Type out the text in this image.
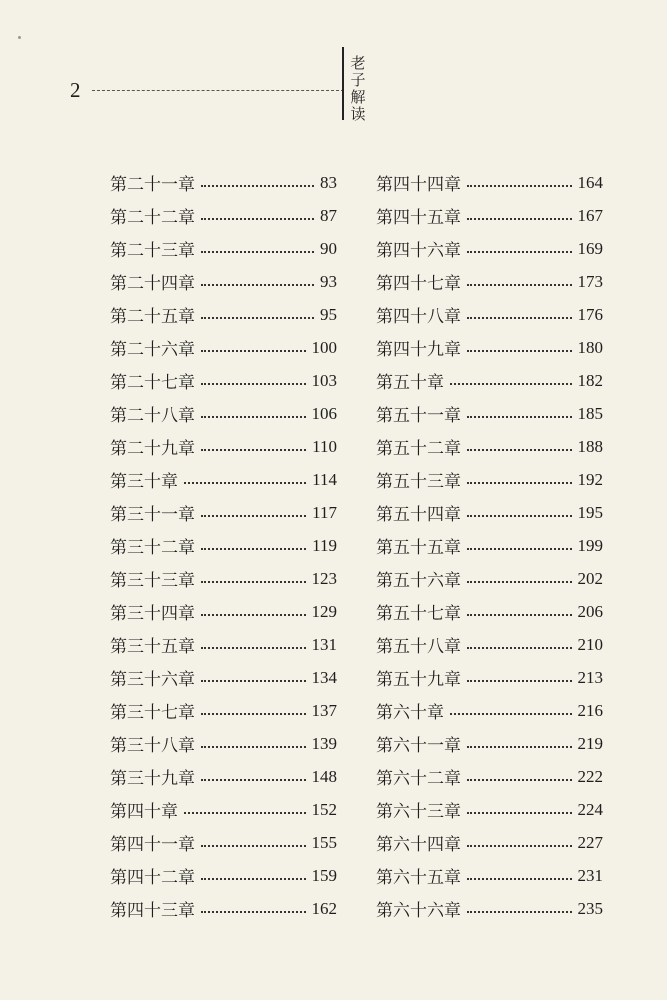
2
老
子
解
读
第二十一章	83
第二十二章	87
第二十三章	90
第二十四章	93
第二十五章	95
第二十六章	100
第二十七章	103
第二十八章	106
第二十九章	110
第三十章	114
第三十一章	117
第三十二章	119
第三十三章	123
第三十四章	129
第三十五章	131
第三十六章	134
第三十七章	137
第三十八章	139
第三十九章	148
第四十章	152
第四十一章	155
第四十二章	159
第四十三章	162
第四十四章	164
第四十五章	167
第四十六章	169
第四十七章	173
第四十八章	176
第四十九章	180
第五十章	182
第五十一章	185
第五十二章	188
第五十三章	192
第五十四章	195
第五十五章	199
第五十六章	202
第五十七章	206
第五十八章	210
第五十九章	213
第六十章	216
第六十一章	219
第六十二章	222
第六十三章	224
第六十四章	227
第六十五章	231
第六十六章	235
